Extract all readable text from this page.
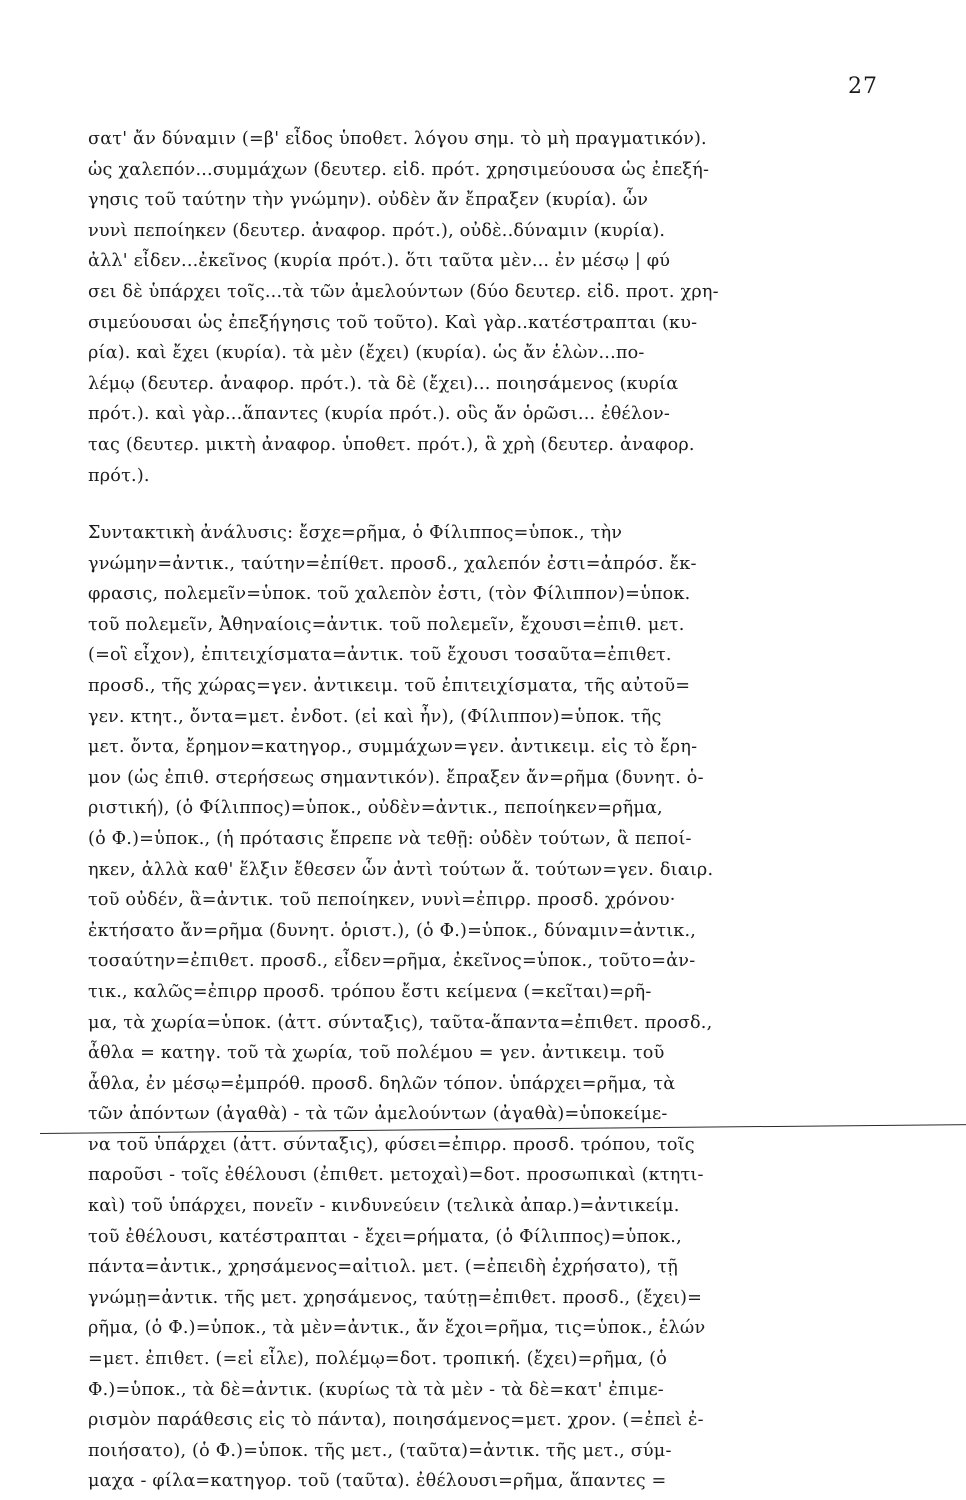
27
σατ' ἄν δύναμιν (=β' εἶδος ὑποθετ. λόγου σημ. τὸ μὴ πραγματικόν).
ὡς χαλεπόν...συμμάχων (δευτερ. εἰδ. πρότ. χρησιμεύουσα ὡς ἐπεξή-
γησις τοῦ ταύτην τὴν γνώμην). οὐδὲν ἄν ἔπραξεν (κυρία). ὧν
νυνὶ πεποίηκεν (δευτερ. ἀναφορ. πρότ.), οὐδὲ..δύναμιν (κυρία).
ἀλλ' εἶδεν...ἐκεῖνος (κυρία πρότ.). ὅτι ταῦτα μὲν... ἐν μέσῳ | φύ
σει δὲ ὑπάρχει τοῖς...τὰ τῶν ἀμελούντων (δύο δευτερ. εἰδ. προτ. χρη-
σιμεύουσαι ὡς ἐπεξήγησις τοῦ τοῦτο). Καὶ γὰρ..κατέστραπται (κυ-
ρία). καὶ ἔχει (κυρία). τὰ μὲν (ἔχει) (κυρία). ὡς ἄν ἑλὼν...πο-
λέμῳ (δευτερ. ἀναφορ. πρότ.). τὰ δὲ (ἔχει)... ποιησάμενος (κυρία
πρότ.). καὶ γὰρ...ἅπαντες (κυρία πρότ.). οὓς ἄν ὁρῶσι... ἐθέλον-
τας (δευτερ. μικτὴ ἀναφορ. ὑποθετ. πρότ.), ἃ χρὴ (δευτερ. ἀναφορ.
πρότ.).
Συντακτικὴ ἀνάλυσις: ἔσχε=ρῆμα, ὁ Φίλιππος=ὑποκ., τὴν
γνώμην=ἀντικ., ταύτην=ἐπίθετ. προσδ., χαλεπόν ἐστι=ἀπρόσ. ἔκ-
φρασις, πολεμεῖν=ὑποκ. τοῦ χαλεπὸν ἐστι, (τὸν Φίλιππον)=ὑποκ.
τοῦ πολεμεῖν, Ἀθηναίοις=ἀντικ. τοῦ πολεμεῖν, ἔχουσι=ἐπιθ. μετ.
(=οἳ εἶχον), ἐπιτειχίσματα=ἀντικ. τοῦ ἔχουσι τοσαῦτα=ἐπιθετ.
προσδ., τῆς χώρας=γεν. ἀντικειμ. τοῦ ἐπιτειχίσματα, τῆς αὐτοῦ=
γεν. κτητ., ὄντα=μετ. ἐνδοτ. (εἰ καὶ ἦν), (Φίλιππον)=ὑποκ. τῆς
μετ. ὄντα, ἔρημον=κατηγορ., συμμάχων=γεν. ἀντικειμ. εἰς τὸ ἔρη-
μον (ὡς ἐπιθ. στερήσεως σημαντικόν). ἔπραξεν ἄν=ρῆμα (δυνητ. ὁ-
ριστική), (ὁ Φίλιππος)=ὑποκ., οὐδὲν=ἀντικ., πεποίηκεν=ρῆμα,
(ὁ Φ.)=ὑποκ., (ἡ πρότασις ἔπρεπε νὰ τεθῇ: οὐδὲν τούτων, ἃ πεποί-
ηκεν, ἀλλὰ καθ' ἕλξιν ἔθεσεν ὧν ἀντὶ τούτων ἅ. τούτων=γεν. διαιρ.
τοῦ οὐδέν, ἃ=ἀντικ. τοῦ πεποίηκεν, νυνὶ=ἐπιρρ. προσδ. χρόνου·
ἐκτήσατο ἄν=ρῆμα (δυνητ. ὁριστ.), (ὁ Φ.)=ὑποκ., δύναμιν=ἀντικ.,
τοσαύτην=ἐπιθετ. προσδ., εἶδεν=ρῆμα, ἐκεῖνος=ὑποκ., τοῦτο=ἀν-
τικ., καλῶς=ἐπιρρ προσδ. τρόπου ἔστι κείμενα (=κεῖται)=ρῆ-
μα, τὰ χωρία=ὑποκ. (ἀττ. σύνταξις), ταῦτα-ἅπαντα=ἐπιθετ. προσδ.,
ἆθλα = κατηγ. τοῦ τὰ χωρία, τοῦ πολέμου = γεν. ἀντικειμ. τοῦ
ἆθλα, ἐν μέσῳ=ἐμπρόθ. προσδ. δηλῶν τόπον. ὑπάρχει=ρῆμα, τὰ
τῶν ἀπόντων (ἀγαθὰ) - τὰ τῶν ἀμελούντων (ἀγαθὰ)=ὑποκείμε-
να τοῦ ὑπάρχει (ἀττ. σύνταξις), φύσει=ἐπιρρ. προσδ. τρόπου, τοῖς
παροῦσι - τοῖς ἐθέλουσι (ἐπιθετ. μετοχαὶ)=δοτ. προσωπικαὶ (κτητι-
καὶ) τοῦ ὑπάρχει, πονεῖν - κινδυνεύειν (τελικὰ ἀπαρ.)=ἀντικείμ.
τοῦ ἐθέλουσι, κατέστραπται - ἔχει=ρήματα, (ὁ Φίλιππος)=ὑποκ.,
πάντα=ἀντικ., χρησάμενος=αἰτιολ. μετ. (=ἐπειδὴ ἐχρήσατο), τῇ
γνώμῃ=ἀντικ. τῆς μετ. χρησάμενος, ταύτῃ=ἐπιθετ. προσδ., (ἔχει)=
ρῆμα, (ὁ Φ.)=ὑποκ., τὰ μὲν=ἀντικ., ἄν ἔχοι=ρῆμα, τις=ὑποκ., ἑλών
=μετ. ἐπιθετ. (=εἰ εἷλε), πολέμῳ=δοτ. τροπική. (ἔχει)=ρῆμα, (ὁ
Φ.)=ὑποκ., τὰ δὲ=ἀντικ. (κυρίως τὰ τὰ μὲν - τὰ δὲ=κατ' ἐπιμε-
ρισμὸν παράθεσις εἰς τὸ πάντα), ποιησάμενος=μετ. χρον. (=ἐπεὶ ἐ-
ποιήσατο), (ὁ Φ.)=ὑποκ. τῆς μετ., (ταῦτα)=ἀντικ. τῆς μετ., σύμ-
μαχα - φίλα=κατηγορ. τοῦ (ταῦτα). ἐθέλουσι=ρῆμα, ἅπαντες =
